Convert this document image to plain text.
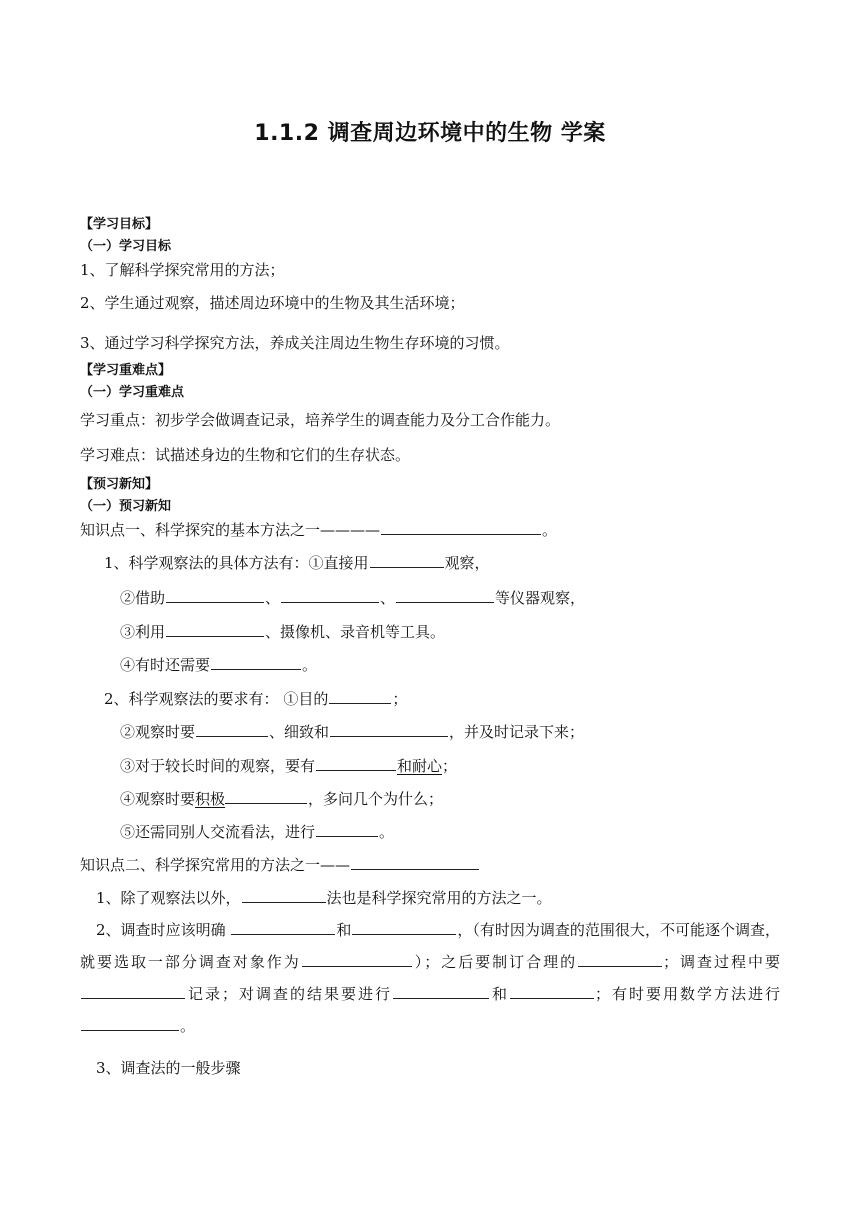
1.1.2 调查周边环境中的生物 学案
【学习目标】
（一）学习目标
1、了解科学探究常用的方法；
2、学生通过观察，描述周边环境中的生物及其生活环境；
3、通过学习科学探究方法，养成关注周边生物生存环境的习惯。
【学习重难点】
（一）学习重难点
学习重点：初步学会做调查记录，培养学生的调查能力及分工合作能力。
学习难点：试描述身边的生物和它们的生存状态。
【预习新知】
（一）预习新知
知识点一、科学探究的基本方法之一————	。
1、科学观察法的具体方法有：①直接用	观察，
②借助	、	、	等仪器观察，
③利用	、摄像机、录音机等工具。
④有时还需要	。
2、科学观察法的要求有： ①目的	；
②观察时要	、细致和	，并及时记录下来；
③对于较长时间的观察，要有	和耐心；
④观察时要积极	，多问几个为什么；
⑤还需同别人交流看法，进行	。
知识点二、科学探究常用的方法之一——
1、除了观察法以外，	法也是科学探究常用的方法之一。
2、调查时应该明确	和	，（有时因为调查的范围很大，不可能逐个调查，就要选取一部分调查对象作为	）；之后要制订合理的	；调查过程中要记录；对调查的结果要进行	和	；有时要用数学方法进行。
3、调查法的一般步骤
